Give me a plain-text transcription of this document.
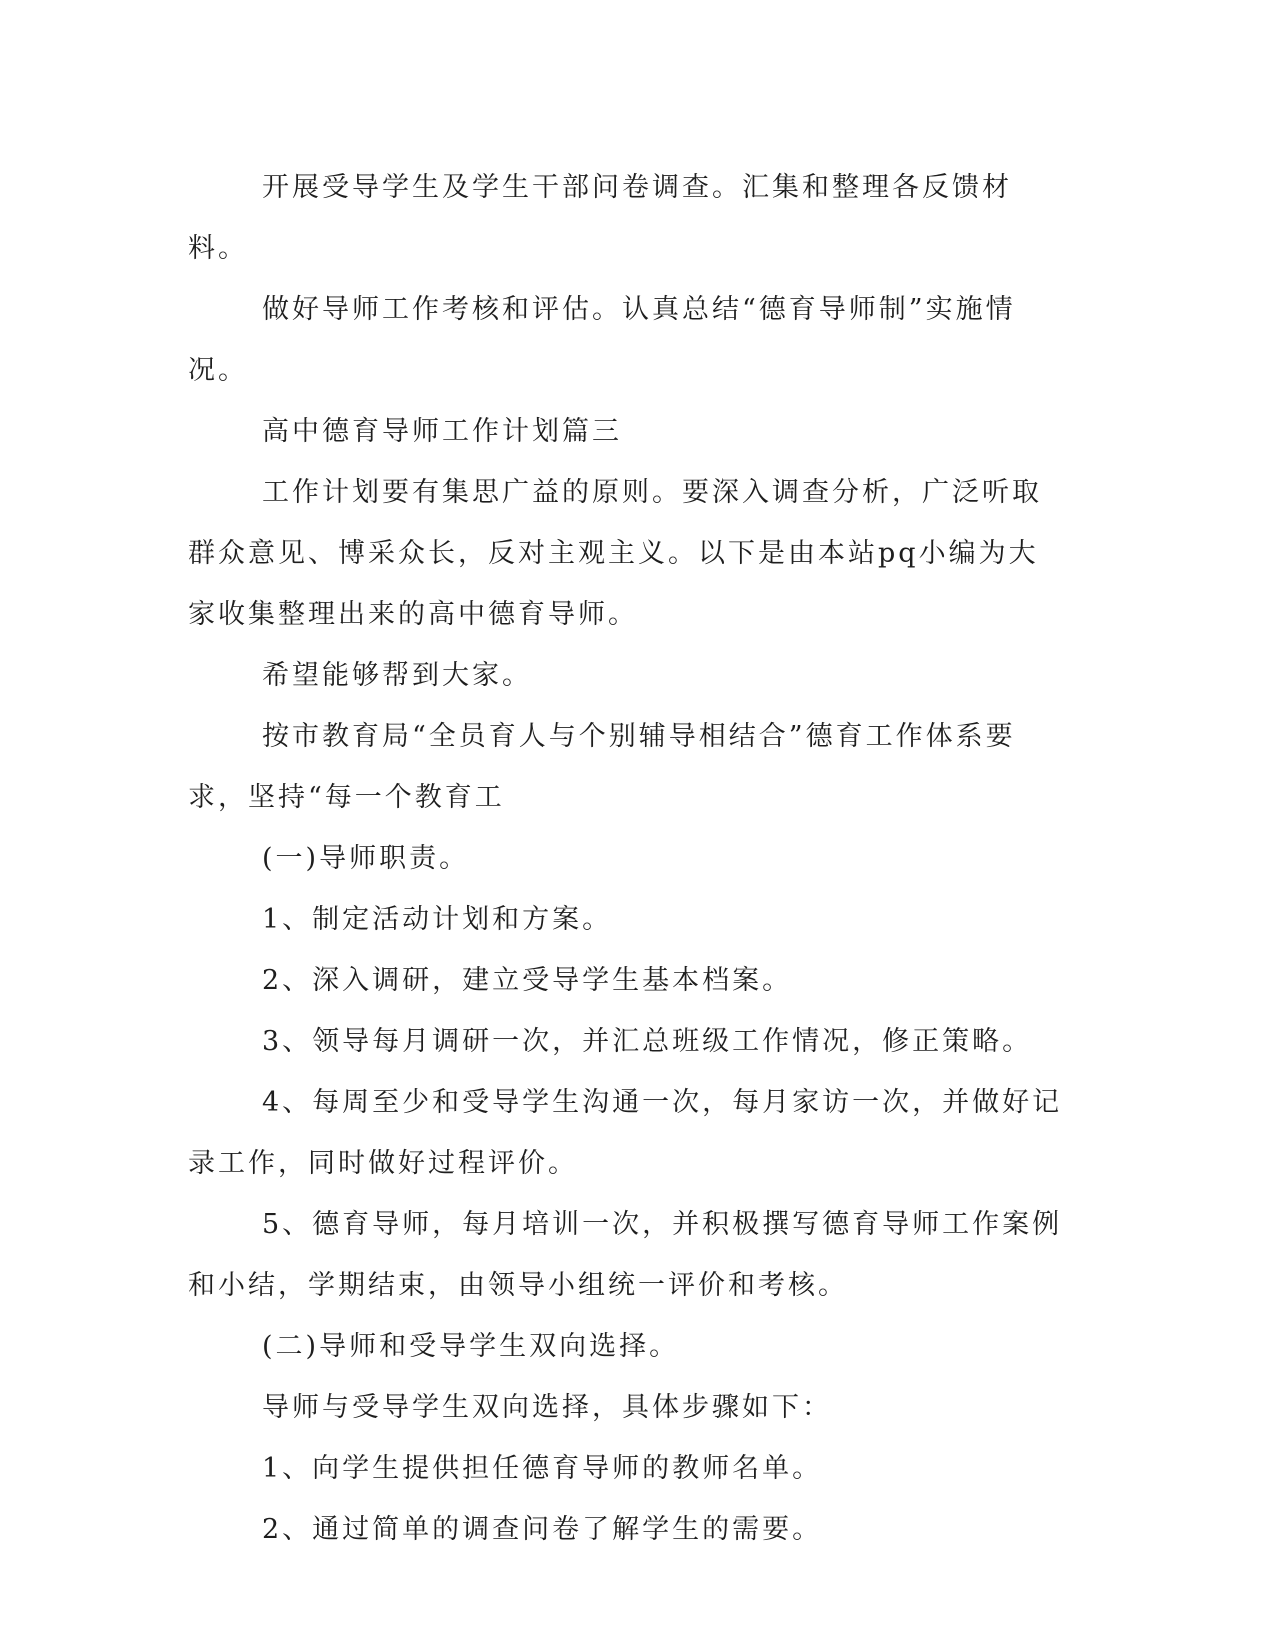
开展受导学生及学生干部问卷调查。汇集和整理各反馈材料。

做好导师工作考核和评估。认真总结“德育导师制”实施情况。

高中德育导师工作计划篇三

工作计划要有集思广益的原则。要深入调查分析，广泛听取群众意见、博采众长，反对主观主义。以下是由本站pq小编为大家收集整理出来的高中德育导师。

希望能够帮到大家。

按市教育局“全员育人与个别辅导相结合”德育工作体系要求，坚持“每一个教育工

(一)导师职责。

1、制定活动计划和方案。

2、深入调研，建立受导学生基本档案。

3、领导每月调研一次，并汇总班级工作情况，修正策略。

4、每周至少和受导学生沟通一次，每月家访一次，并做好记录工作，同时做好过程评价。

5、德育导师，每月培训一次，并积极撰写德育导师工作案例和小结，学期结束，由领导小组统一评价和考核。

(二)导师和受导学生双向选择。

导师与受导学生双向选择，具体步骤如下：

1、向学生提供担任德育导师的教师名单。

2、通过简单的调查问卷了解学生的需要。
